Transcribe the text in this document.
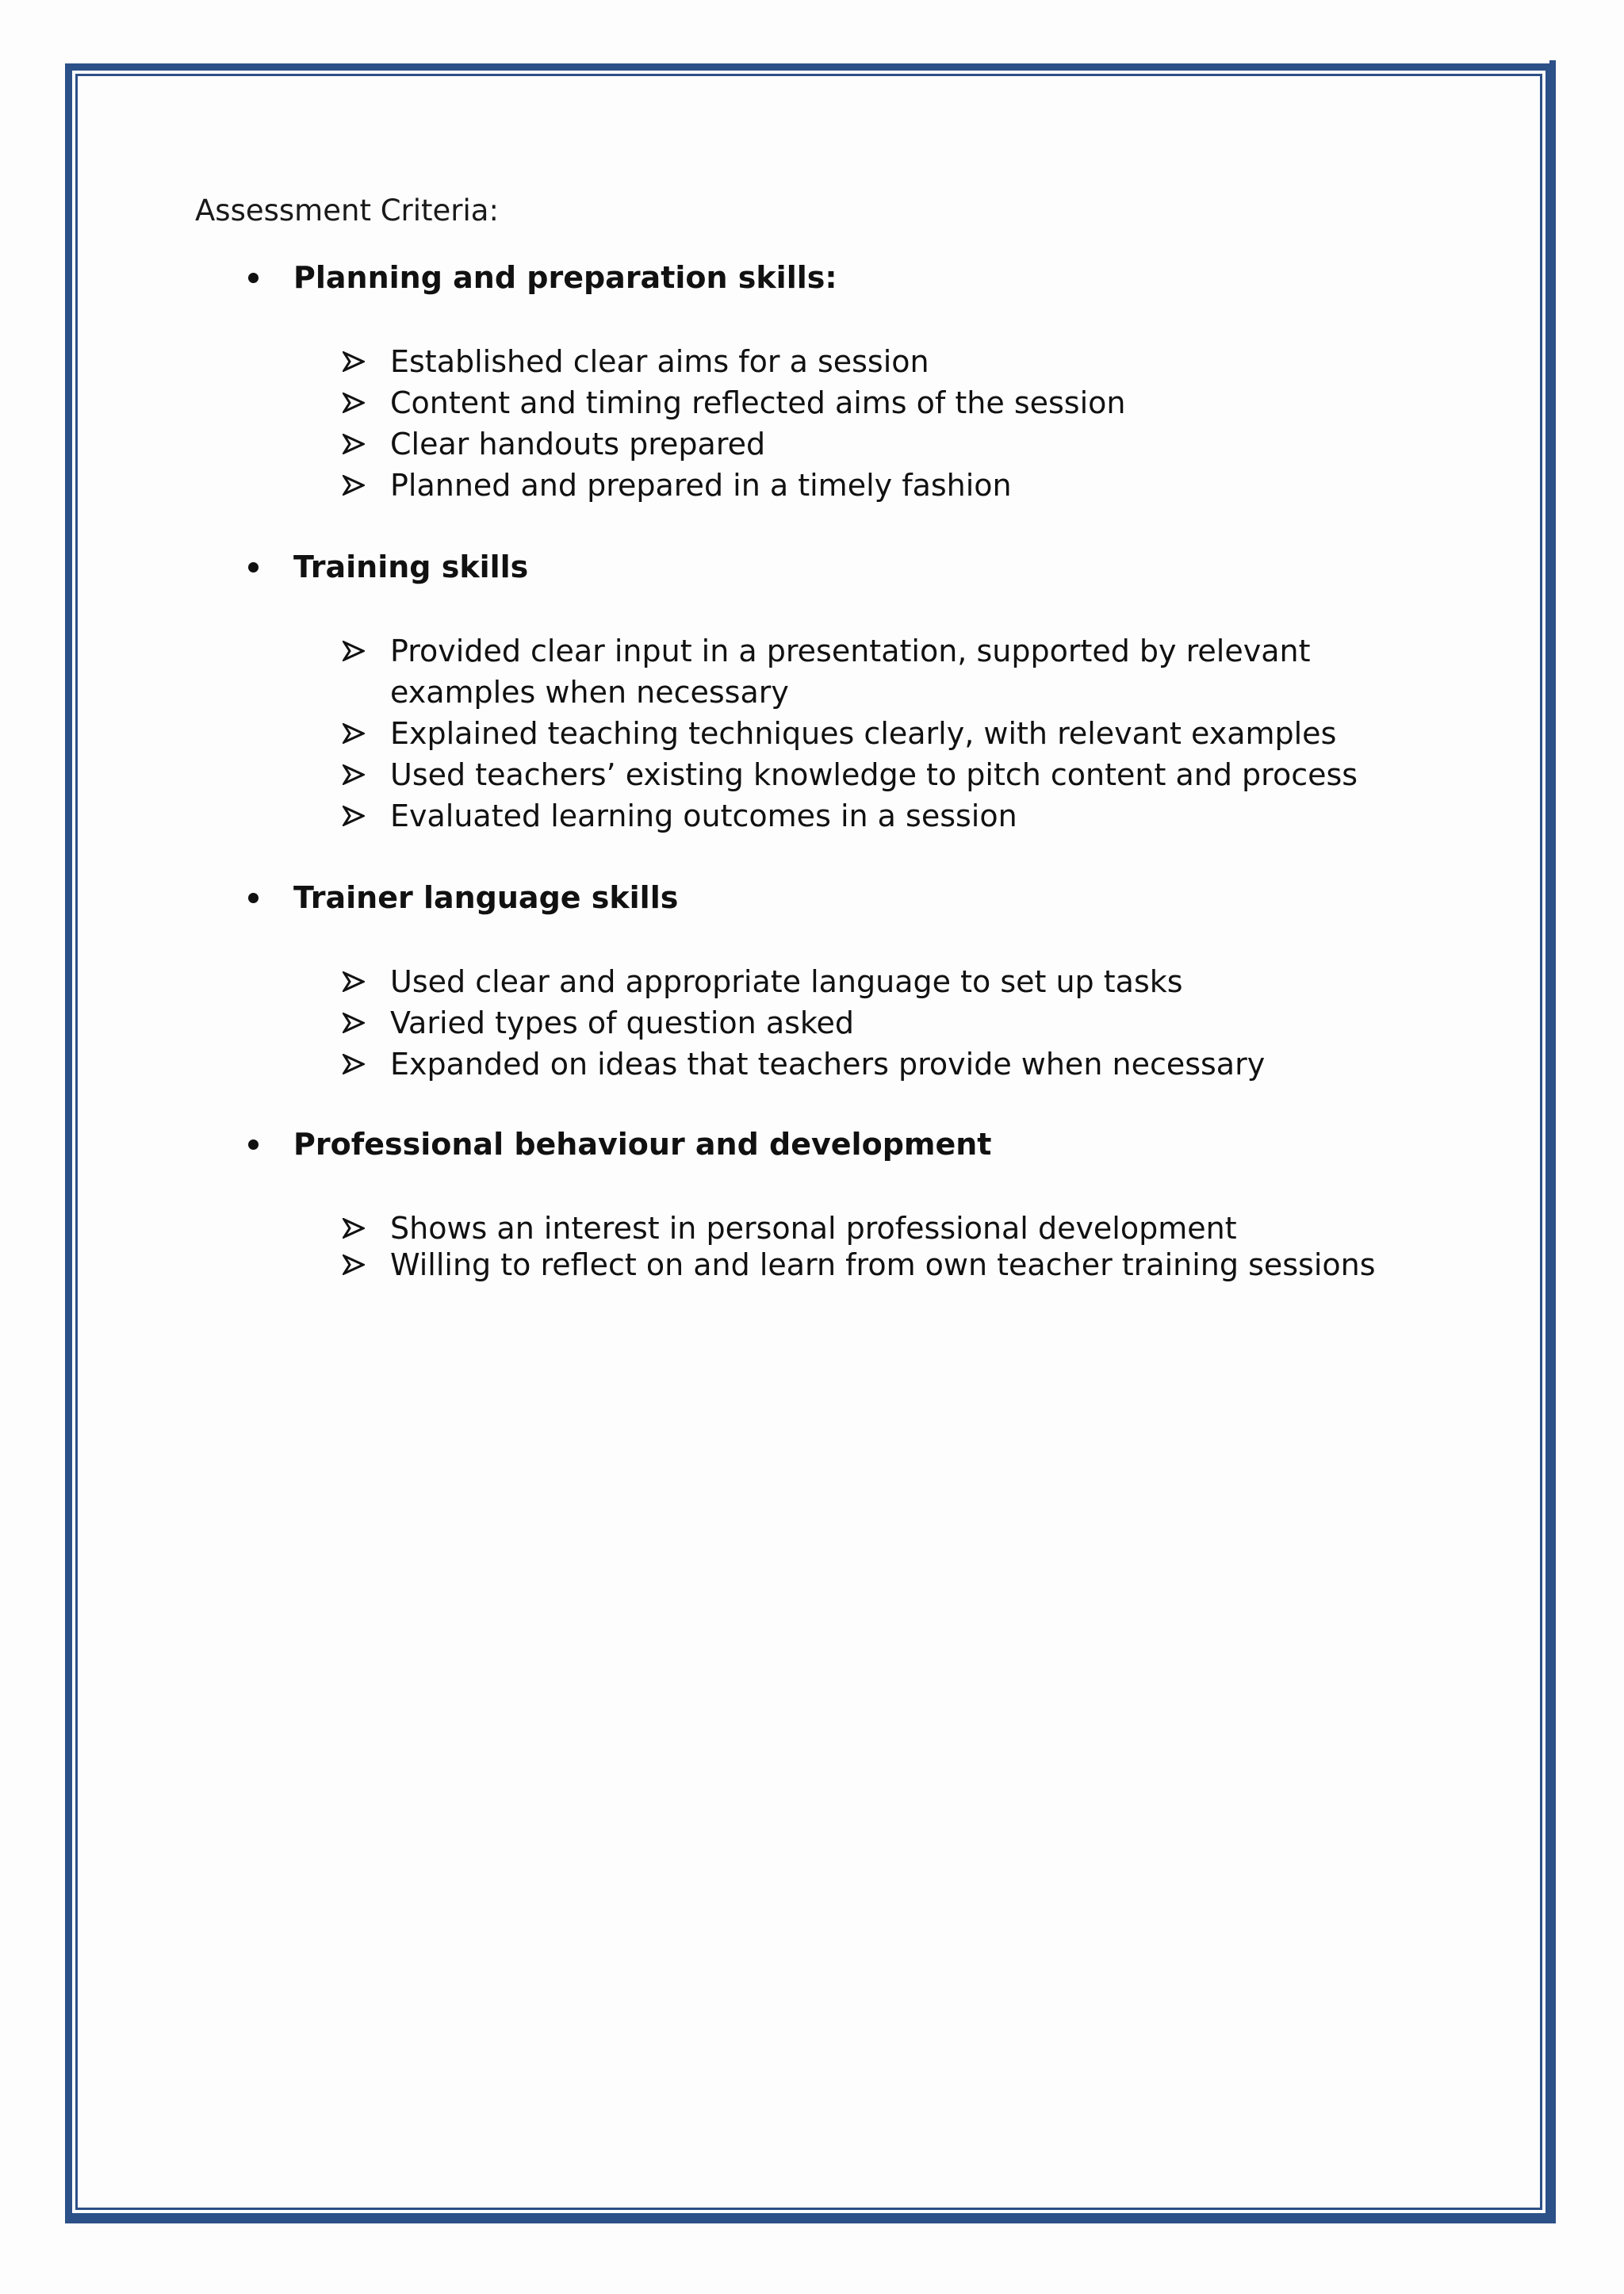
Assessment Criteria:
Planning and preparation skills:
Established clear aims for a session
Content and timing reflected aims of the session
Clear handouts prepared
Planned and prepared in a timely fashion
Training skills
Provided clear input in a presentation, supported by relevant examples when necessary
Explained teaching techniques clearly, with relevant examples
Used teachers’ existing knowledge to pitch content and process
Evaluated learning outcomes in a session
Trainer language skills
Used clear and appropriate language to set up tasks
Varied types of question asked
Expanded on ideas that teachers provide when necessary
Professional behaviour and development
Shows an interest in personal professional development
Willing to reflect on and learn from own teacher training sessions
